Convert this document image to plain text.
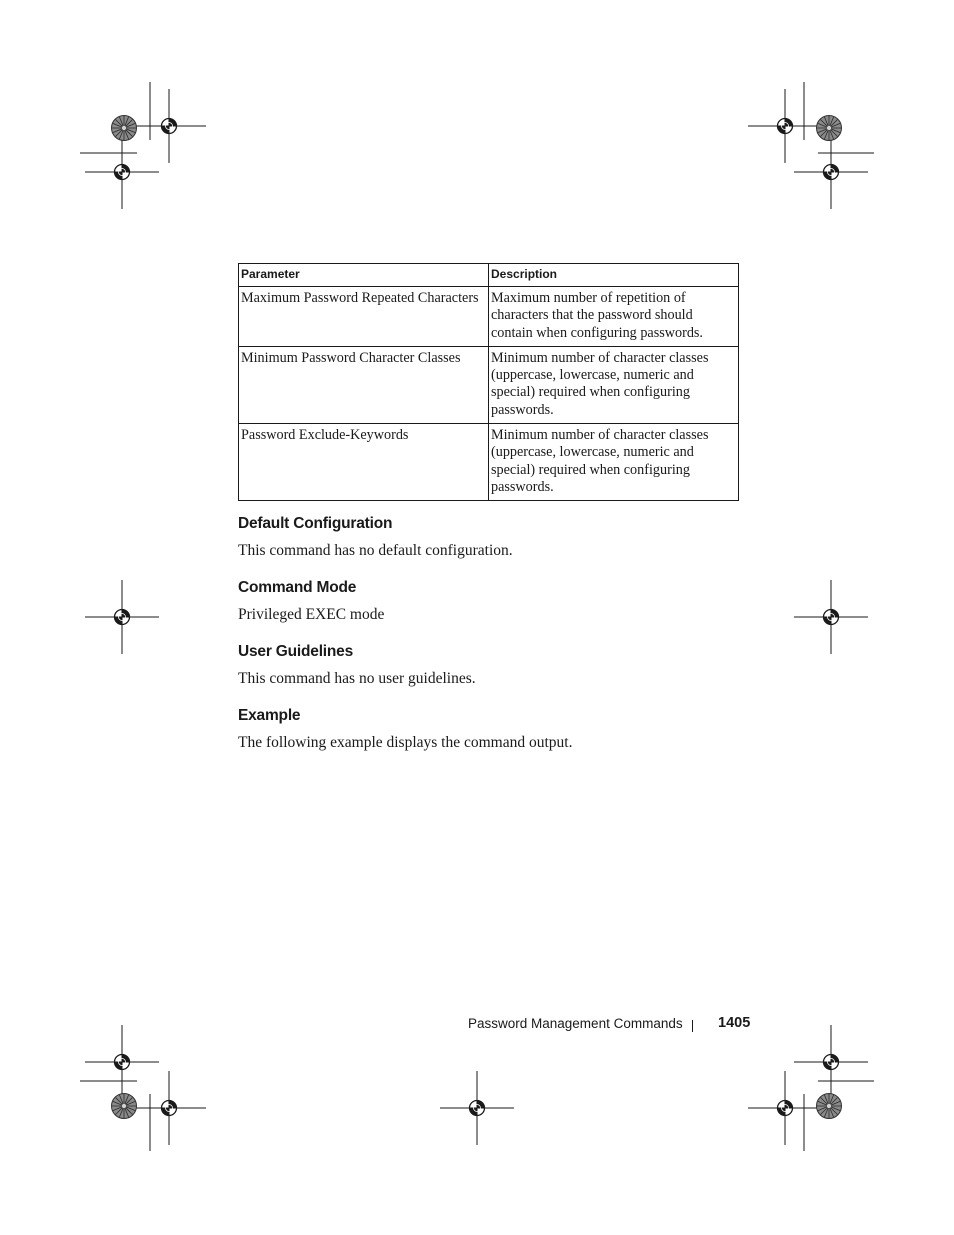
Parameter	Description
Maximum Password Repeated Characters	Maximum number of repetition of characters that the password should contain when configuring passwords.
Minimum Password Character Classes	Minimum number of character classes (uppercase, lowercase, numeric and special) required when configuring passwords.
Password Exclude-Keywords	Minimum number of character classes (uppercase, lowercase, numeric and special) required when configuring passwords.
Default Configuration
This command has no default configuration.
Command Mode
Privileged EXEC mode
User Guidelines
This command has no user guidelines.
Example
The following example displays the command output.
Password Management Commands 1405
